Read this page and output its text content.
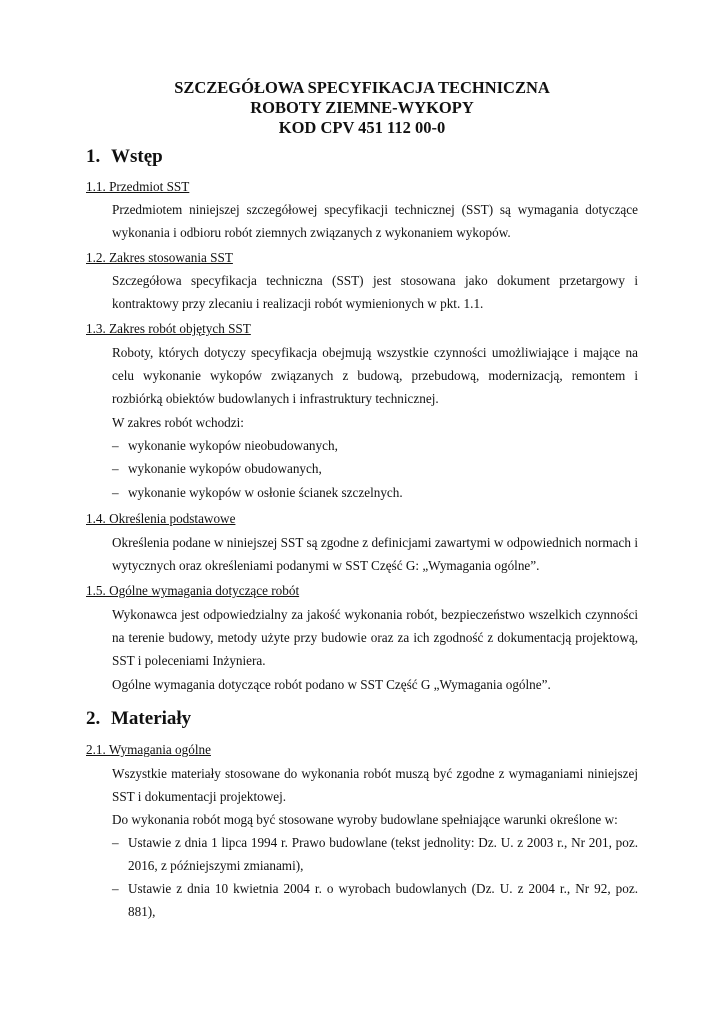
SZCZEGÓŁOWA SPECYFIKACJA TECHNICZNA
ROBOTY ZIEMNE-WYKOPY
KOD CPV 451 112 00-0
1. Wstęp
1.1. Przedmiot SST

Przedmiotem niniejszej szczegółowej specyfikacji technicznej (SST) są wymagania dotyczące wykonania i odbioru robót ziemnych związanych z wykonaniem wykopów.

1.2. Zakres stosowania SST

Szczegółowa specyfikacja techniczna (SST) jest stosowana jako dokument przetargowy i kontraktowy przy zlecaniu i realizacji robót wymienionych w pkt. 1.1.

1.3. Zakres robót objętych SST

Roboty, których dotyczy specyfikacja obejmują wszystkie czynności umożliwiające i mające na celu wykonanie wykopów związanych z budową, przebudową, modernizacją, remontem i rozbiórką obiektów budowlanych i infrastruktury technicznej.

W zakres robót wchodzi:

– wykonanie wykopów nieobudowanych,
– wykonanie wykopów obudowanych,
– wykonanie wykopów w osłonie ścianek szczelnych.
1.4. Określenia podstawowe

Określenia podane w niniejszej SST są zgodne z definicjami zawartymi w odpowiednich normach i wytycznych oraz określeniami podanymi w SST Część G: „Wymagania ogólne”.

1.5. Ogólne wymagania dotyczące robót

Wykonawca jest odpowiedzialny za jakość wykonania robót, bezpieczeństwo wszelkich czynności na terenie budowy, metody użyte przy budowie oraz za ich zgodność z dokumentacją projektową, SST i poleceniami Inżyniera.

Ogólne wymagania dotyczące robót podano w SST Część G „Wymagania ogólne”.

2. Materiały
2.1. Wymagania ogólne

Wszystkie materiały stosowane do wykonania robót muszą być zgodne z wymaganiami niniejszej SST i dokumentacji projektowej.

Do wykonania robót mogą być stosowane wyroby budowlane spełniające warunki określone w:

– Ustawie z dnia 1 lipca 1994 r. Prawo budowlane (tekst jednolity: Dz. U. z 2003 r., Nr 201, poz. 2016, z późniejszymi zmianami),
– Ustawie z dnia 10 kwietnia 2004 r. o wyrobach budowlanych (Dz. U. z 2004 r., Nr 92, poz. 881),
